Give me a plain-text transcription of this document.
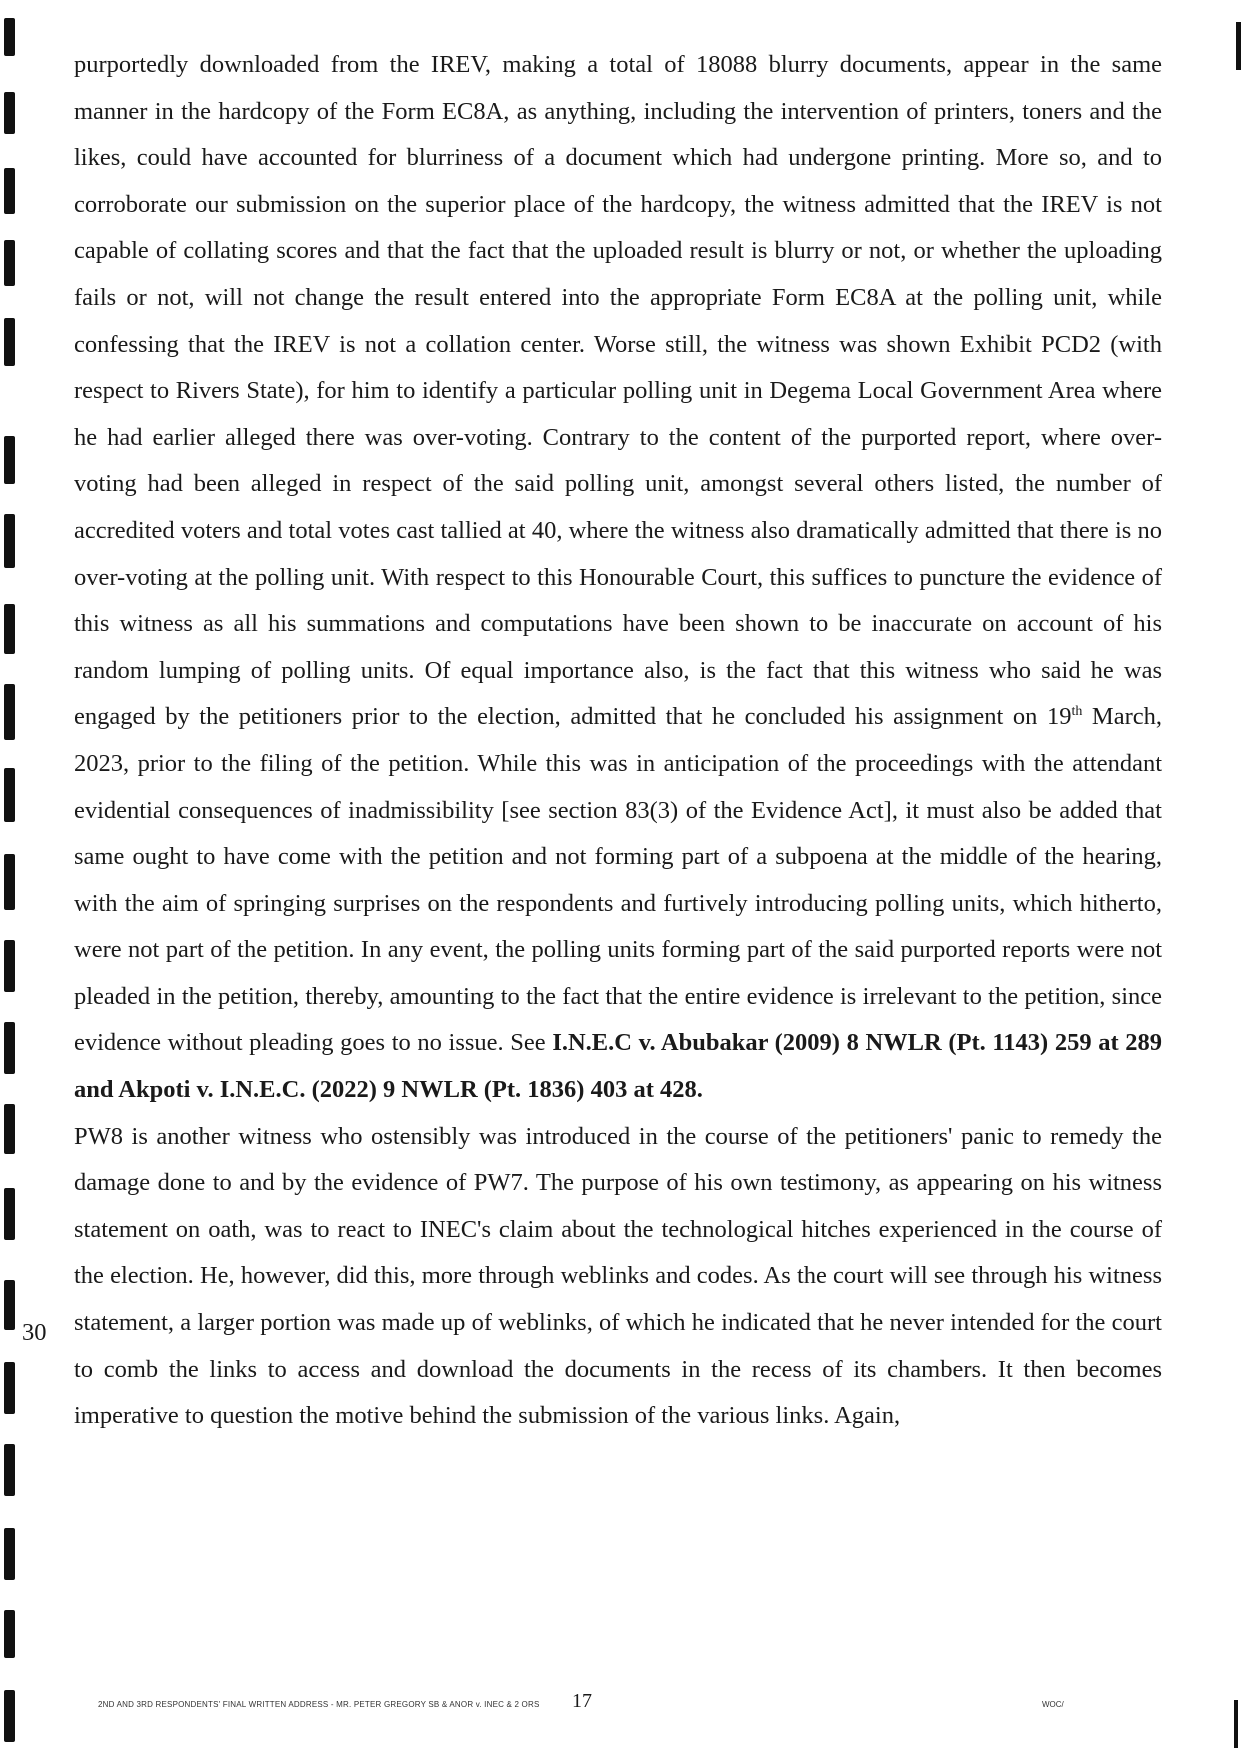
purportedly downloaded from the IREV, making a total of 18088 blurry documents, appear in the same manner in the hardcopy of the Form EC8A, as anything, including the intervention of printers, toners and the likes, could have accounted for blurriness of a document which had undergone printing. More so, and to corroborate our submission on the superior place of the hardcopy, the witness admitted that the IREV is not capable of collating scores and that the fact that the uploaded result is blurry or not, or whether the uploading fails or not, will not change the result entered into the appropriate Form EC8A at the polling unit, while confessing that the IREV is not a collation center. Worse still, the witness was shown Exhibit PCD2 (with respect to Rivers State), for him to identify a particular polling unit in Degema Local Government Area where he had earlier alleged there was over-voting. Contrary to the content of the purported report, where over-voting had been alleged in respect of the said polling unit, amongst several others listed, the number of accredited voters and total votes cast tallied at 40, where the witness also dramatically admitted that there is no over-voting at the polling unit. With respect to this Honourable Court, this suffices to puncture the evidence of this witness as all his summations and computations have been shown to be inaccurate on account of his random lumping of polling units. Of equal importance also, is the fact that this witness who said he was engaged by the petitioners prior to the election, admitted that he concluded his assignment on 19th March, 2023, prior to the filing of the petition. While this was in anticipation of the proceedings with the attendant evidential consequences of inadmissibility [see section 83(3) of the Evidence Act], it must also be added that same ought to have come with the petition and not forming part of a subpoena at the middle of the hearing, with the aim of springing surprises on the respondents and furtively introducing polling units, which hitherto, were not part of the petition. In any event, the polling units forming part of the said purported reports were not pleaded in the petition, thereby, amounting to the fact that the entire evidence is irrelevant to the petition, since evidence without pleading goes to no issue. See I.N.E.C v. Abubakar (2009) 8 NWLR (Pt. 1143) 259 at 289 and Akpoti v. I.N.E.C. (2022) 9 NWLR (Pt. 1836) 403 at 428.

PW8 is another witness who ostensibly was introduced in the course of the petitioners' panic to remedy the damage done to and by the evidence of PW7. The purpose of his own testimony, as appearing on his witness statement on oath, was to react to INEC's claim about the technological hitches experienced in the course of the election. He, however, did this, more through weblinks and codes. As the court will see through his witness statement, a larger portion was made up of weblinks, of which he indicated that he never intended for the court to comb the links to access and download the documents in the recess of its chambers. It then becomes imperative to question the motive behind the submission of the various links. Again,

30
2ND AND 3RD RESPONDENTS' FINAL WRITTEN ADDRESS - MR. PETER GREGORY SB & ANOR v. INEC & 2 ORS 17	WOC/
